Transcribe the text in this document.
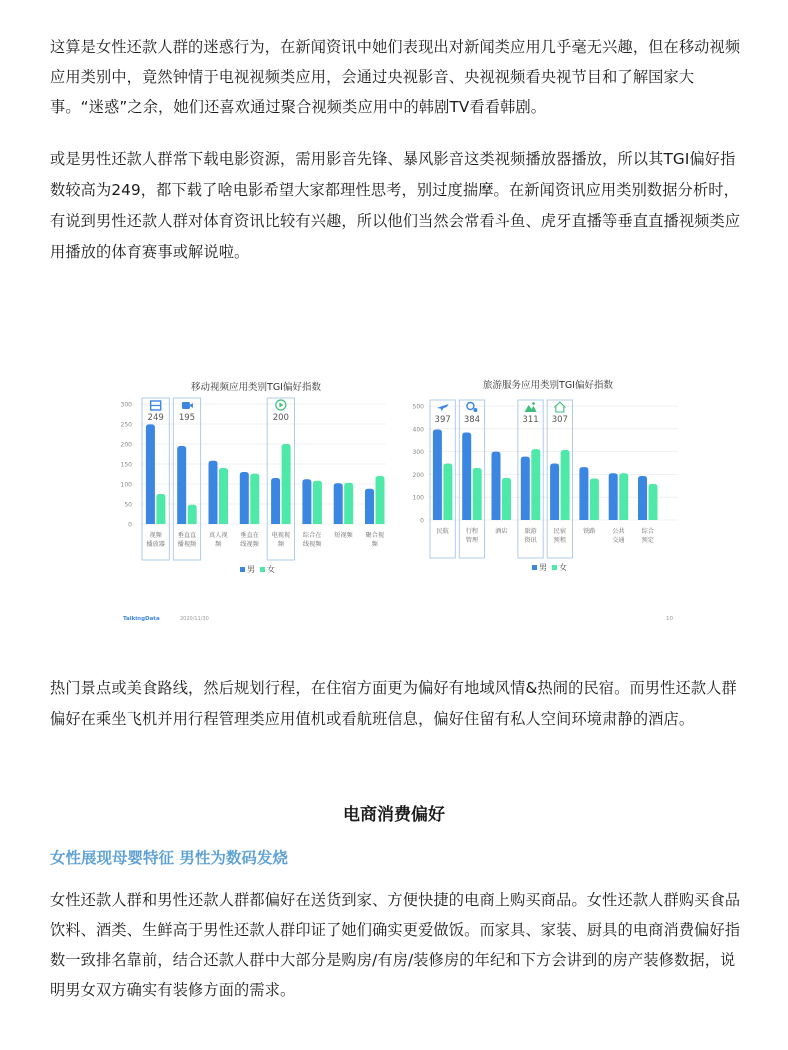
这算是女性还款人群的迷惑行为，在新闻资讯中她们表现出对新闻类应用几乎毫无兴趣，但在移动视频应用类别中，竟然钟情于电视视频类应用，会通过央视影音、央视视频看央视节目和了解国家大事。“迷惑”之余，她们还喜欢通过聚合视频类应用中的韩剧TV看看韩剧。

或是男性还款人群常下载电影资源，需用影音先锋、暴风影音这类视频播放器播放，所以其TGI偏好指数较高为249，都下载了啥电影希望大家都理性思考，别过度揣摩。在新闻资讯应用类别数据分析时，有说到男性还款人群对体育资讯比较有兴趣，所以他们当然会常看斗鱼、虎牙直播等垂直直播视频类应用播放的体育赛事或解说啦。

移动视频应用类别TGI偏好指数
0
50
100
150
200
250
300
249
视频
播放器
195
垂直直
播视频
真人视
频
垂直在
线视频
200
电视视
频
综合在
线视频
短视频 聚合视
频
男 女
旅游服务应用类别TGI偏好指数
0
100
200
300
400
500
397
民航
384
行程
管理
酒店
311
旅游
资讯
307
民宿
预租
铁路	公共
交通
综合
预定
男 女
TalkingData	2020/11/30	10

热门景点或美食路线，然后规划行程，在住宿方面更为偏好有地域风情&热闹的民宿。而男性还款人群偏好在乘坐飞机并用行程管理类应用值机或看航班信息，偏好住留有私人空间环境肃静的酒店。

电商消费偏好
女性展现母婴特征 男性为数码发烧

女性还款人群和男性还款人群都偏好在送货到家、方便快捷的电商上购买商品。女性还款人群购买食品饮料、酒类、生鲜高于男性还款人群印证了她们确实更爱做饭。而家具、家装、厨具的电商消费偏好指数一致排名靠前，结合还款人群中大部分是购房/有房/装修房的年纪和下方会讲到的房产装修数据，说明男女双方确实有装修方面的需求。
